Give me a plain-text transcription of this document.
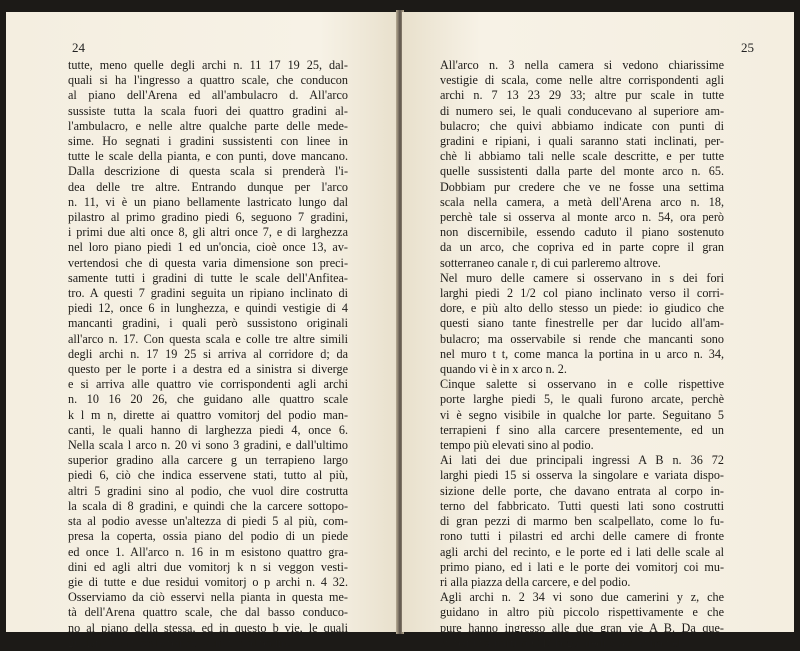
24
tutte, meno quelle degli archi n. 11 17 19 25, dal-
quali si ha l'ingresso a quattro scale, che conducon
al piano dell'Arena ed all'ambulacro d. All'arco
sussiste tutta la scala fuori dei quattro gradini al-
l'ambulacro, e nelle altre qualche parte delle mede-
sime. Ho segnati i gradini sussistenti con linee in
tutte le scale della pianta, e con punti, dove mancano.
Dalla descrizione di questa scala si prenderà l'i-
dea delle tre altre. Entrando dunque per l'arco
n. 11, vi è un piano bellamente lastricato lungo dal
pilastro al primo gradino piedi 6, seguono 7 gradini,
i primi due alti once 8, gli altri once 7, e di larghezza
nel loro piano piedi 1 ed un'oncia, cioè once 13, av-
vertendosi che di questa varia dimensione son preci-
samente tutti i gradini di tutte le scale dell'Anfitea-
tro. A questi 7 gradini seguita un ripiano inclinato di
piedi 12, once 6 in lunghezza, e quindi vestigie di 4
mancanti gradini, i quali però sussistono originali
all'arco n. 17. Con questa scala e colle tre altre simili
degli archi n. 17 19 25 si arriva al corridore d; da
questo per le porte i a destra ed a sinistra si diverge
e si arriva alle quattro vie corrispondenti agli archi
n. 10 16 20 26, che guidano alle quattro scale
k l m n, dirette ai quattro vomitorj del podio man-
canti, le quali hanno di larghezza piedi 4, once 6.
Nella scala l arco n. 20 vi sono 3 gradini, e dall'ultimo
superior gradino alla carcere g un terrapieno largo
piedi 6, ciò che indica esservene stati, tutto al più,
altri 5 gradini sino al podio, che vuol dire costrutta
la scala di 8 gradini, e quindi che la carcere sottopo-
sta al podio avesse un'altezza di piedi 5 al più, com-
presa la coperta, ossia piano del podio di un piede
ed once 1. All'arco n. 16 in m esistono quattro gra-
dini ed agli altri due vomitorj k n si veggon vesti-
gie di tutte e due residui vomitorj o p archi n. 4 32.
Osserviamo da ciò esservi nella pianta in questa me-
tà dell'Arena quattro scale, che dal basso conduco-
no al piano della stessa, ed in questo b vie, le quali
guidano con 6 scale per sei vomitorj al podio.
25
All'arco n. 3 nella camera si vedono chiarissime
vestigie di scala, come nelle altre corrispondenti agli
archi n. 7 13 23 29 33; altre pur scale in tutte
di numero sei, le quali conducevano al superiore am-
bulacro; che quivi abbiamo indicate con punti di
gradini e ripiani, i quali saranno stati inclinati, per-
chè li abbiamo tali nelle scale descritte, e per tutte
quelle sussistenti dalla parte del monte arco n. 65.
Dobbiam pur credere che ve ne fosse una settima
scala nella camera, a metà dell'Arena arco n. 18,
perchè tale si osserva al monte arco n. 54, ora però
non discernibile, essendo caduto il piano sostenuto
da un arco, che copriva ed in parte copre il gran
sotterraneo canale r, di cui parleremo altrove.
Nel muro delle camere si osservano in s dei fori
larghi piedi 2 1/2 col piano inclinato verso il corri-
dore, e più alto dello stesso un piede: io giudico che
questi siano tante finestrelle per dar lucido all'am-
bulacro; ma osservabile si rende che mancanti sono
nel muro t t, come manca la portina in u arco n. 34,
quando vi è in x arco n. 2.
Cinque salette si osservano in e colle rispettive
porte larghe piedi 5, le quali furono arcate, perchè
vi è segno visibile in qualche lor parte. Seguitano 5
terrapieni f sino alla carcere presentemente, ed un
tempo più elevati sino al podio.
Ai lati dei due principali ingressi A B n. 36 72
larghi piedi 15 si osserva la singolare e variata dispo-
sizione delle porte, che davano entrata al corpo in-
terno del fabbricato. Tutti questi lati sono costrutti
di gran pezzi di marmo ben scalpellato, come lo fu-
rono tutti i pilastri ed archi delle camere di fronte
agli archi del recinto, e le porte ed i lati delle scale al
primo piano, ed i lati e le porte dei vomitorj coi mu-
ri alla piazza della carcere, e del podio.
Agli archi n. 2 34 vi sono due camerini y z, che
guidano in altro più piccolo rispettivamente e che
pure hanno ingresso alle due gran vie A B. Da que-
sti per una portina C D larga piedi 3:3 si entra nel-
